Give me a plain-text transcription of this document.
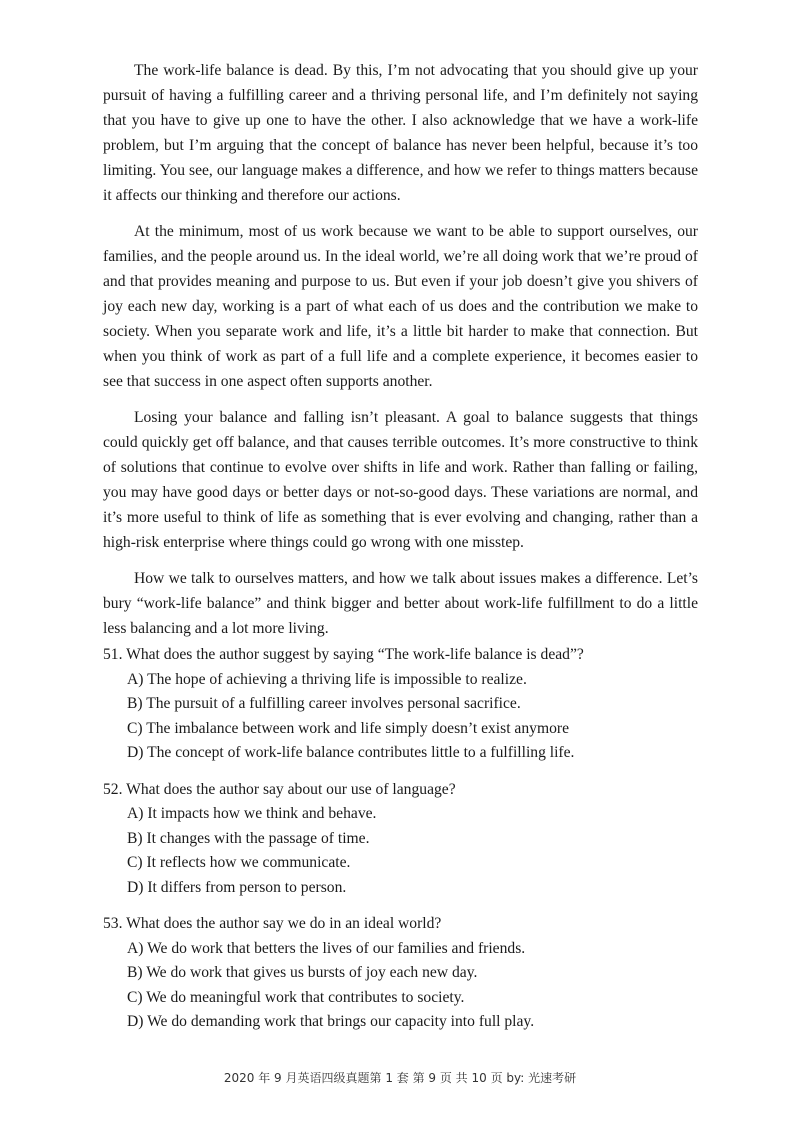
The work-life balance is dead. By this, I’m not advocating that you should give up your pursuit of having a fulfilling career and a thriving personal life, and I’m definitely not saying that you have to give up one to have the other. I also acknowledge that we have a work-life problem, but I’m arguing that the concept of balance has never been helpful, because it’s too limiting. You see, our language makes a difference, and how we refer to things matters because it affects our thinking and therefore our actions.

At the minimum, most of us work because we want to be able to support ourselves, our families, and the people around us. In the ideal world, we’re all doing work that we’re proud of and that provides meaning and purpose to us. But even if your job doesn’t give you shivers of joy each new day, working is a part of what each of us does and the contribution we make to society. When you separate work and life, it’s a little bit harder to make that connection. But when you think of work as part of a full life and a complete experience, it becomes easier to see that success in one aspect often supports another.

Losing your balance and falling isn’t pleasant. A goal to balance suggests that things could quickly get off balance, and that causes terrible outcomes. It’s more constructive to think of solutions that continue to evolve over shifts in life and work. Rather than falling or failing, you may have good days or better days or not-so-good days. These variations are normal, and it’s more useful to think of life as something that is ever evolving and changing, rather than a high-risk enterprise where things could go wrong with one misstep.

How we talk to ourselves matters, and how we talk about issues makes a difference. Let’s bury “work-life balance” and think bigger and better about work-life fulfillment to do a little less balancing and a lot more living.

51. What does the author suggest by saying “The work-life balance is dead”?

A) The hope of achieving a thriving life is impossible to realize.
B) The pursuit of a fulfilling career involves personal sacrifice.
C) The imbalance between work and life simply doesn’t exist anymore
D) The concept of work-life balance contributes little to a fulfilling life.

52. What does the author say about our use of language?

A) It impacts how we think and behave.
B) It changes with the passage of time.
C) It reflects how we communicate.
D) It differs from person to person.

53. What does the author say we do in an ideal world?

A) We do work that betters the lives of our families and friends.
B) We do work that gives us bursts of joy each new day.
C) We do meaningful work that contributes to society.
D) We do demanding work that brings our capacity into full play.
2020 年 9 月英语四级真题第 1 套 第 9 页 共 10 页 by: 光速考研
